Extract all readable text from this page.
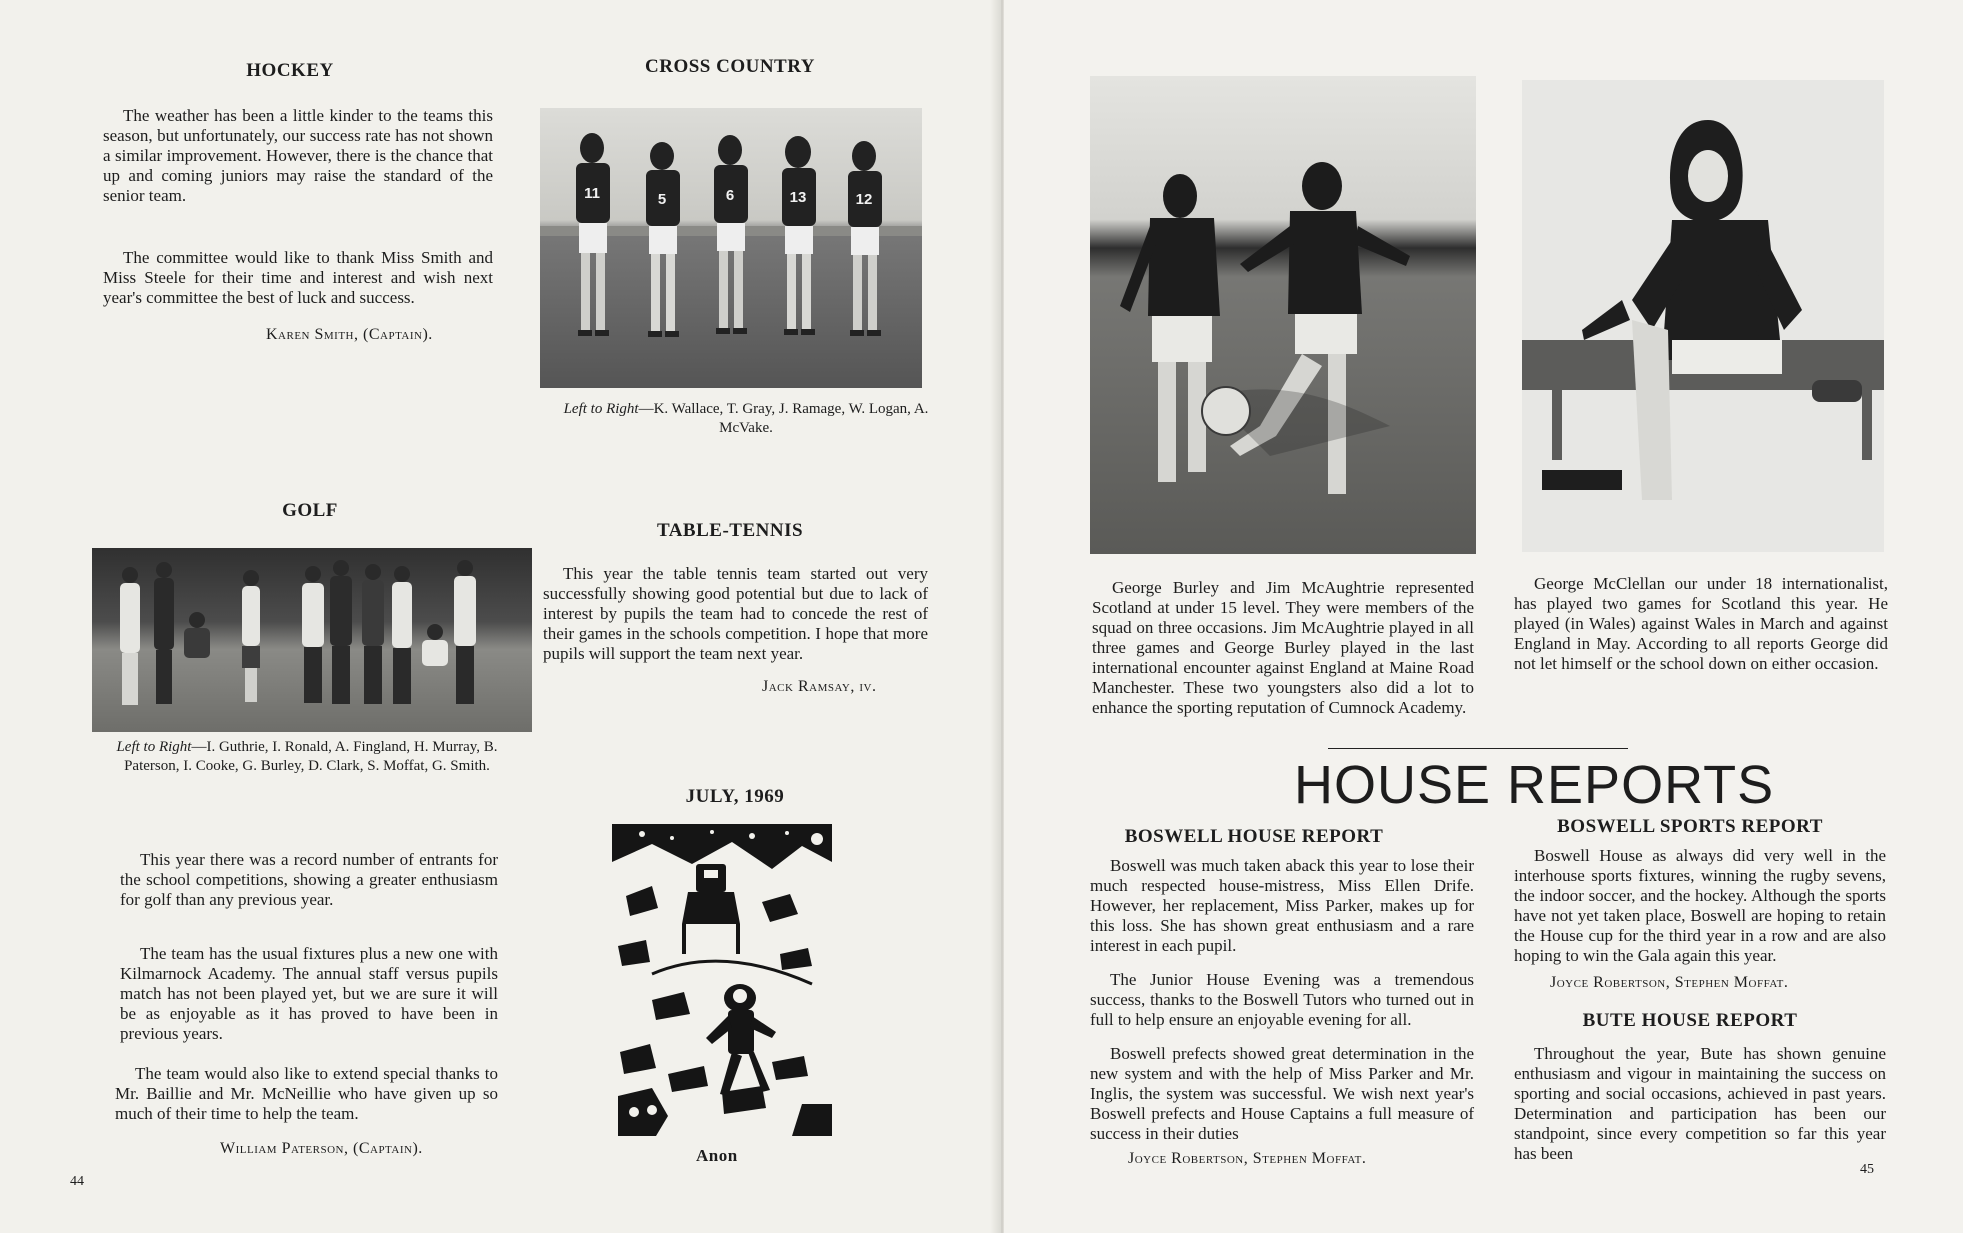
HOCKEY

The weather has been a little kinder to the teams this season, but unfortunately, our success rate has not shown a similar improvement. However, there is the chance that up and coming juniors may raise the standard of the senior team.

The committee would like to thank Miss Smith and Miss Steele for their time and interest and wish next year's committee the best of luck and success.

Karen Smith, (Captain).

CROSS COUNTRY
11	5	6	13	12

Left to Right—K. Wallace, T. Gray, J. Ramage, W. Logan, A. McVake.

GOLF

Left to Right—I. Guthrie, I. Ronald, A. Fingland, H. Murray, B. Paterson, I. Cooke, G. Burley, D. Clark, S. Moffat, G. Smith.

This year there was a record number of entrants for the school competitions, showing a greater enthusiasm for golf than any previous year.

The team has the usual fixtures plus a new one with Kilmarnock Academy. The annual staff versus pupils match has not been played yet, but we are sure it will be as enjoyable as it has proved to have been in previous years.

The team would also like to extend special thanks to Mr. Baillie and Mr. McNeillie who have given up so much of their time to help the team.

William Paterson, (Captain).

TABLE-TENNIS

This year the table tennis team started out very successfully showing good potential but due to lack of interest by pupils the team had to concede the rest of their games in the schools competition. I hope that more pupils will support the team next year.

Jack Ramsay, iv.

JULY, 1969

Anon

44

George Burley and Jim McAughtrie represented Scotland at under 15 level. They were members of the squad on three occasions. Jim McAughtrie played in all three games and George Burley played in the last international encounter against England at Maine Road Manchester. These two youngsters also did a lot to enhance the sporting reputation of Cumnock Academy.

George McClellan our under 18 internationalist, has played two games for Scotland this year. He played (in Wales) against Wales in March and against England in May. According to all reports George did not let himself or the school down on either occasion.

HOUSE REPORTS
BOSWELL HOUSE REPORT

Boswell was much taken aback this year to lose their much respected house-mistress, Miss Ellen Drife. However, her replacement, Miss Parker, makes up for this loss. She has shown great enthusiasm and a rare interest in each pupil.

The Junior House Evening was a tremendous success, thanks to the Boswell Tutors who turned out in full to help ensure an enjoyable evening for all.

Boswell prefects showed great determination in the new system and with the help of Miss Parker and Mr. Inglis, the system was successful. We wish next year's Boswell prefects and House Captains a full measure of success in their duties

Joyce Robertson, Stephen Moffat.

BOSWELL SPORTS REPORT

Boswell House as always did very well in the interhouse sports fixtures, winning the rugby sevens, the indoor soccer, and the hockey. Although the sports have not yet taken place, Boswell are hoping to retain the House cup for the third year in a row and are also hoping to win the Gala again this year.

Joyce Robertson, Stephen Moffat.

BUTE HOUSE REPORT

Throughout the year, Bute has shown genuine enthusiasm and vigour in maintaining the success on sporting and social occasions, achieved in past years. Determination and participation has been our standpoint, since every competition so far this year has been

45
